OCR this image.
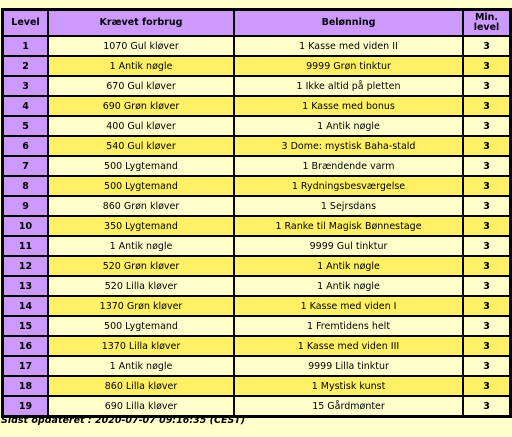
Level	Krævet forbrug	Belønning	Min. level
1	1070 Gul kløver	1 Kasse med viden II	3
2	1 Antik nøgle	9999 Grøn tinktur	3
3	670 Gul kløver	1 Ikke altid på pletten	3
4	690 Grøn kløver	1 Kasse med bonus	3
5	400 Gul kløver	1 Antik nøgle	3
6	540 Gul kløver	3 Dome: mystisk Baha-stald	3
7	500 Lygtemand	1 Brændende varm	3
8	500 Lygtemand	1 Rydningsbesværgelse	3
9	860 Grøn kløver	1 Sejrsdans	3
10	350 Lygtemand	1 Ranke til Magisk Bønnestage	3
11	1 Antik nøgle	9999 Gul tinktur	3
12	520 Grøn kløver	1 Antik nøgle	3
13	520 Lilla kløver	1 Antik nøgle	3
14	1370 Grøn kløver	1 Kasse med viden I	3
15	500 Lygtemand	1 Fremtidens helt	3
16	1370 Lilla kløver	1 Kasse med viden III	3
17	1 Antik nøgle	9999 Lilla tinktur	3
18	860 Lilla kløver	1 Mystisk kunst	3
19	690 Lilla kløver	15 Gårdmønter	3
Sidst opdateret : 2020-07-07 09:16:35 (CEST)
